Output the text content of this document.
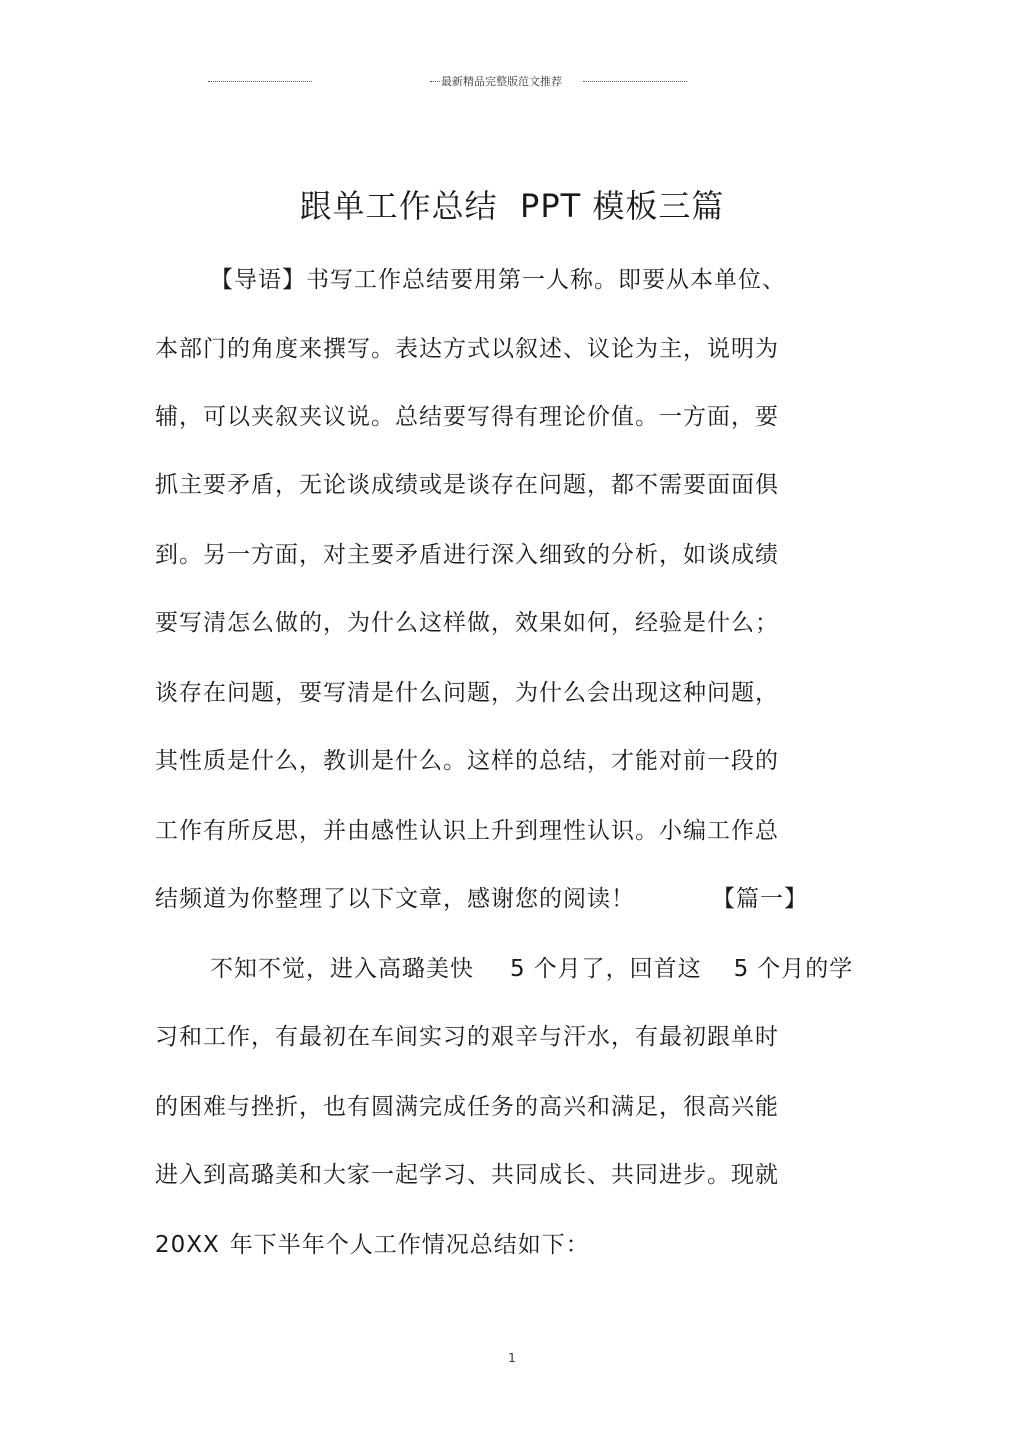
最新精品完整版范文推荐
跟单工作总结 PPT 模板三篇
【导语】书写工作总结要用第一人称。即要从本单位、
本部门的角度来撰写。表达方式以叙述、议论为主，说明为
辅，可以夹叙夹议说。总结要写得有理论价值。一方面，要
抓主要矛盾，无论谈成绩或是谈存在问题，都不需要面面俱
到。另一方面，对主要矛盾进行深入细致的分析，如谈成绩
要写清怎么做的，为什么这样做，效果如何，经验是什么；
谈存在问题，要写清是什么问题，为什么会出现这种问题，
其性质是什么，教训是什么。这样的总结，才能对前一段的
工作有所反思，并由感性认识上升到理性认识。小编工作总
结频道为你整理了以下文章，感谢您的阅读！	【篇一】
不知不觉，进入高璐美快 5 个月了，回首这 5 个月的学
习和工作，有最初在车间实习的艰辛与汗水，有最初跟单时
的困难与挫折，也有圆满完成任务的高兴和满足，很高兴能
进入到高璐美和大家一起学习、共同成长、共同进步。现就
20XX 年下半年个人工作情况总结如下：
1
